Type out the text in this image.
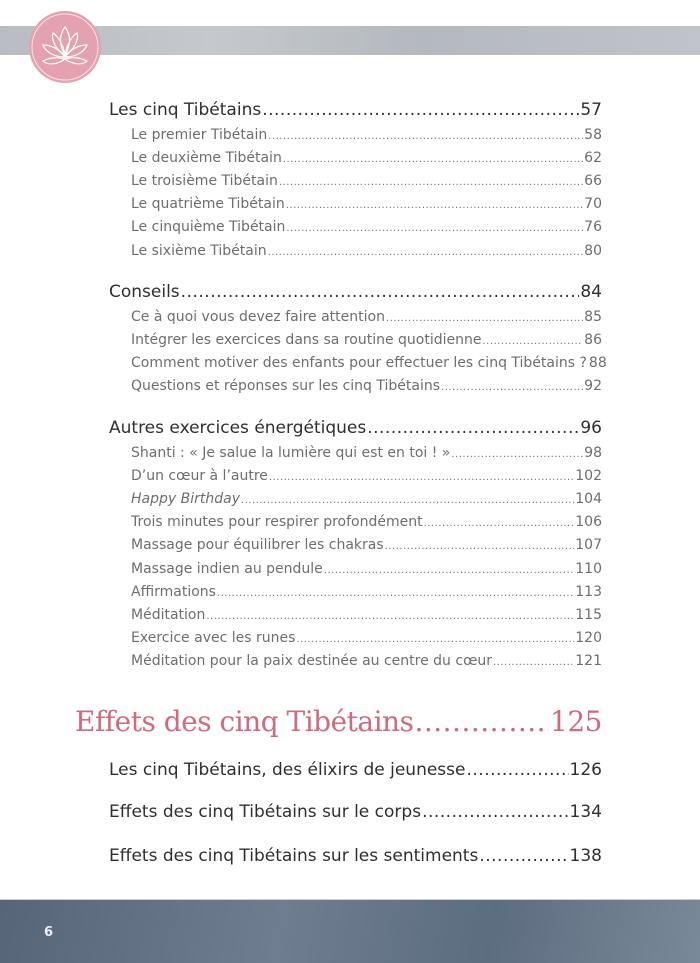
Les cinq Tibétains .....	57
Le premier Tibétain .....	58
Le deuxième Tibétain .....	62
Le troisième Tibétain .....	66
Le quatrième Tibétain .....	70
Le cinquième Tibétain .....	76
Le sixième Tibétain .....	80
Conseils .....	84
Ce à quoi vous devez faire attention .....	85
Intégrer les exercices dans sa routine quotidienne .....	86
Comment motiver des enfants pour effectuer les cinq Tibétains ? 88
Questions et réponses sur les cinq Tibétains .....	92
Autres exercices énergétiques .....	96
Shanti : « Je salue la lumière qui est en toi ! » .....	98
D’un cœur à l’autre .....	102
Happy Birthday .....	104
Trois minutes pour respirer profondément .....	106
Massage pour équilibrer les chakras .....	107
Massage indien au pendule .....	110
Affirmations .....	113
Méditation .....	115
Exercice avec les runes .....	120
Méditation pour la paix destinée au centre du cœur .....	121
Effets des cinq Tibétains .....	125
Les cinq Tibétains, des élixirs de jeunesse .....	126
Effets des cinq Tibétains sur le corps .....	134
Effets des cinq Tibétains sur les sentiments .....	138
6
